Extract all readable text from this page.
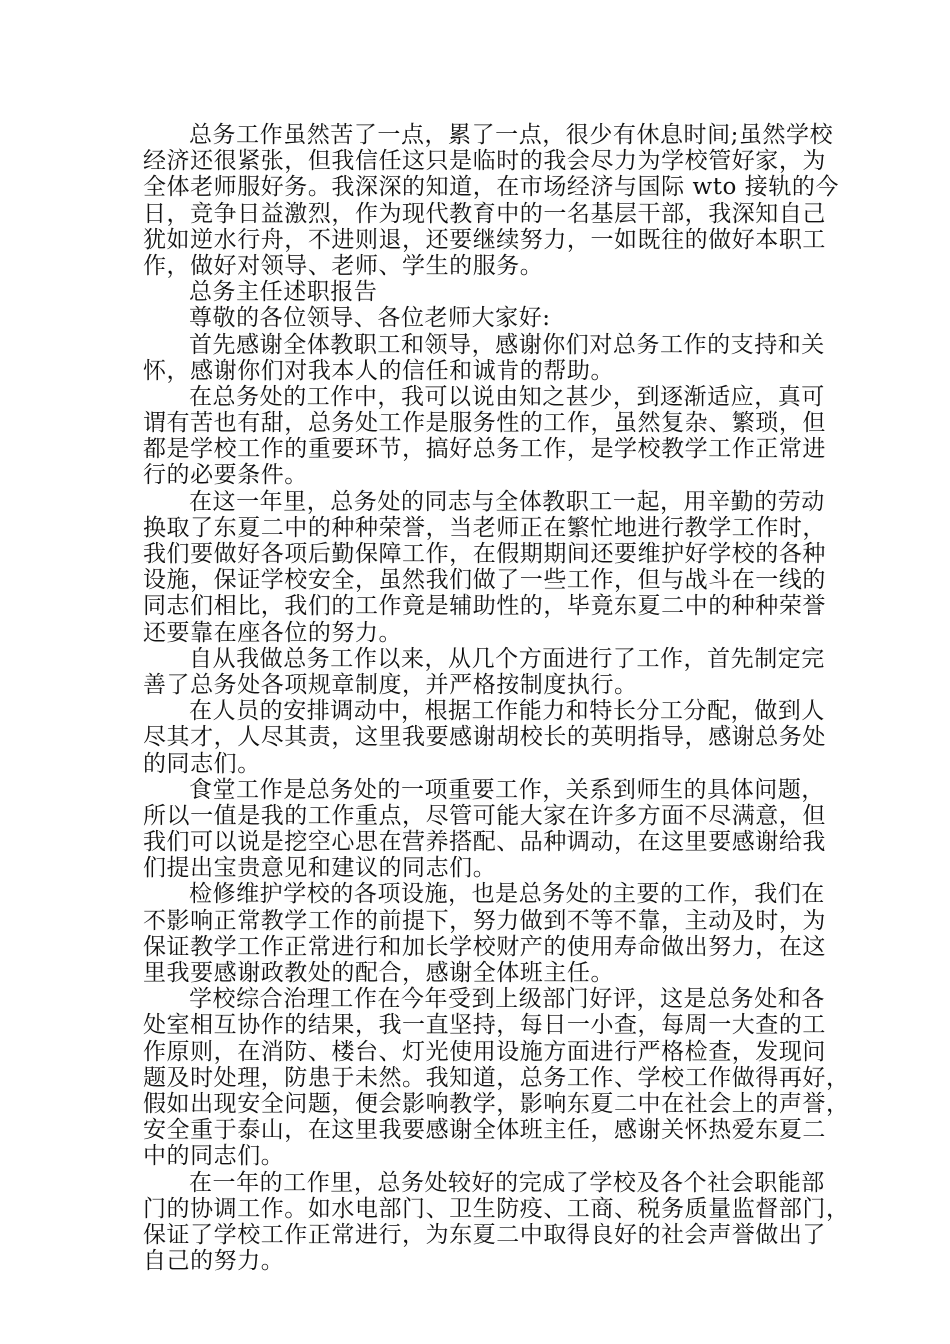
总务工作虽然苦了一点，累了一点，很少有休息时间;虽然学校
经济还很紧张，但我信任这只是临时的我会尽力为学校管好家，为
全体老师服好务。我深深的知道，在市场经济与国际 wto 接轨的今
日，竞争日益激烈，作为现代教育中的一名基层干部，我深知自己
犹如逆水行舟，不进则退，还要继续努力，一如既往的做好本职工
作，做好对领导、老师、学生的服务。
总务主任述职报告
尊敬的各位领导、各位老师大家好:
首先感谢全体教职工和领导，感谢你们对总务工作的支持和关
怀，感谢你们对我本人的信任和诚肯的帮助。
在总务处的工作中，我可以说由知之甚少，到逐渐适应，真可
谓有苦也有甜，总务处工作是服务性的工作，虽然复杂、繁琐，但
都是学校工作的重要环节，搞好总务工作，是学校教学工作正常进
行的必要条件。
在这一年里，总务处的同志与全体教职工一起，用辛勤的劳动
换取了东夏二中的种种荣誉，当老师正在繁忙地进行教学工作时，
我们要做好各项后勤保障工作，在假期期间还要维护好学校的各种
设施，保证学校安全，虽然我们做了一些工作，但与战斗在一线的
同志们相比，我们的工作竟是辅助性的，毕竟东夏二中的种种荣誉
还要靠在座各位的努力。
自从我做总务工作以来，从几个方面进行了工作，首先制定完
善了总务处各项规章制度，并严格按制度执行。
在人员的安排调动中，根据工作能力和特长分工分配，做到人
尽其才，人尽其责，这里我要感谢胡校长的英明指导，感谢总务处
的同志们。
食堂工作是总务处的一项重要工作，关系到师生的具体问题，
所以一值是我的工作重点，尽管可能大家在许多方面不尽满意，但
我们可以说是挖空心思在营养搭配、品种调动，在这里要感谢给我
们提出宝贵意见和建议的同志们。
检修维护学校的各项设施，也是总务处的主要的工作，我们在
不影响正常教学工作的前提下，努力做到不等不靠，主动及时，为
保证教学工作正常进行和加长学校财产的使用寿命做出努力，在这
里我要感谢政教处的配合，感谢全体班主任。
学校综合治理工作在今年受到上级部门好评，这是总务处和各
处室相互协作的结果，我一直坚持，每日一小查，每周一大查的工
作原则，在消防、楼台、灯光使用设施方面进行严格检查，发现问
题及时处理，防患于未然。我知道，总务工作、学校工作做得再好，
假如出现安全问题，便会影响教学，影响东夏二中在社会上的声誉，
安全重于泰山，在这里我要感谢全体班主任，感谢关怀热爱东夏二
中的同志们。
在一年的工作里，总务处较好的完成了学校及各个社会职能部
门的协调工作。如水电部门、卫生防疫、工商、税务质量监督部门，
保证了学校工作正常进行，为东夏二中取得良好的社会声誉做出了
自己的努力。
